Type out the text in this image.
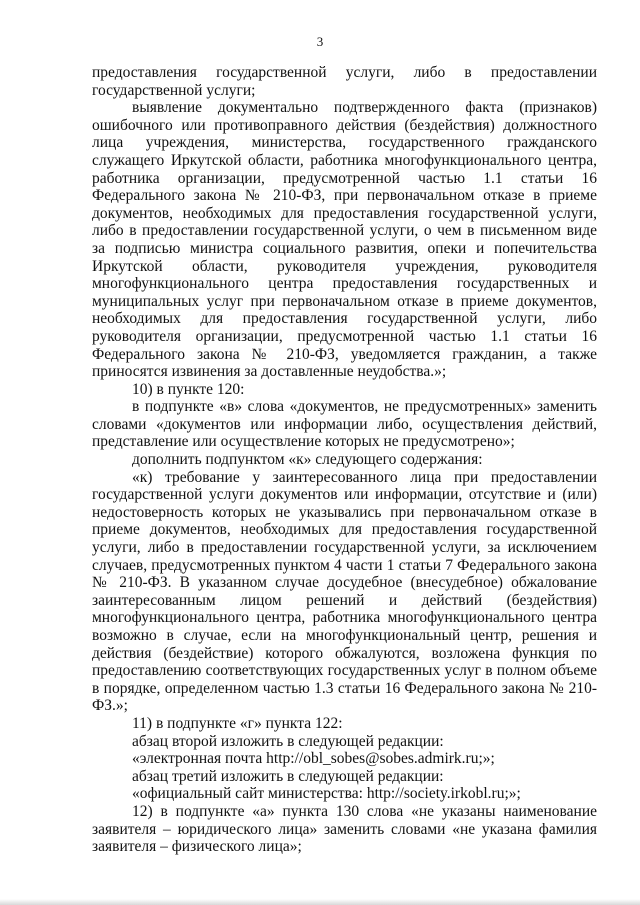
3

предоставления государственной услуги, либо в предоставлении государственной услуги;

выявление документально подтвержденного факта (признаков) ошибочного или противоправного действия (бездействия) должностного лица учреждения, министерства, государственного гражданского служащего Иркутской области, работника многофункционального центра, работника организации, предусмотренной частью 1.1 статьи 16 Федерального закона № 210-ФЗ, при первоначальном отказе в приеме документов, необходимых для предоставления государственной услуги, либо в предоставлении государственной услуги, о чем в письменном виде за подписью министра социального развития, опеки и попечительства Иркутской области, руководителя учреждения, руководителя многофункционального центра предоставления государственных и муниципальных услуг при первоначальном отказе в приеме документов, необходимых для предоставления государственной услуги, либо руководителя организации, предусмотренной частью 1.1 статьи 16 Федерального закона № 210-ФЗ, уведомляется гражданин, а также приносятся извинения за доставленные неудобства.»;

10) в пункте 120:

в подпункте «в» слова «документов, не предусмотренных» заменить словами «документов или информации либо, осуществления действий, представление или осуществление которых не предусмотрено»;

дополнить подпунктом «к» следующего содержания:

«к) требование у заинтересованного лица при предоставлении государственной услуги документов или информации, отсутствие и (или) недостоверность которых не указывались при первоначальном отказе в приеме документов, необходимых для предоставления государственной услуги, либо в предоставлении государственной услуги, за исключением случаев, предусмотренных пунктом 4 части 1 статьи 7 Федерального закона № 210-ФЗ. В указанном случае досудебное (внесудебное) обжалование заинтересованным лицом решений и действий (бездействия) многофункционального центра, работника многофункционального центра возможно в случае, если на многофункциональный центр, решения и действия (бездействие) которого обжалуются, возложена функция по предоставлению соответствующих государственных услуг в полном объеме в порядке, определенном частью 1.3 статьи 16 Федерального закона № 210-ФЗ.»;

11) в подпункте «г» пункта 122:

абзац второй изложить в следующей редакции:

«электронная почта http://obl_sobes@sobes.admirk.ru;»;

абзац третий изложить в следующей редакции:

«официальный сайт министерства: http://society.irkobl.ru;»;

12) в подпункте «а» пункта 130 слова «не указаны наименование заявителя – юридического лица» заменить словами «не указана фамилия заявителя – физического лица»;
